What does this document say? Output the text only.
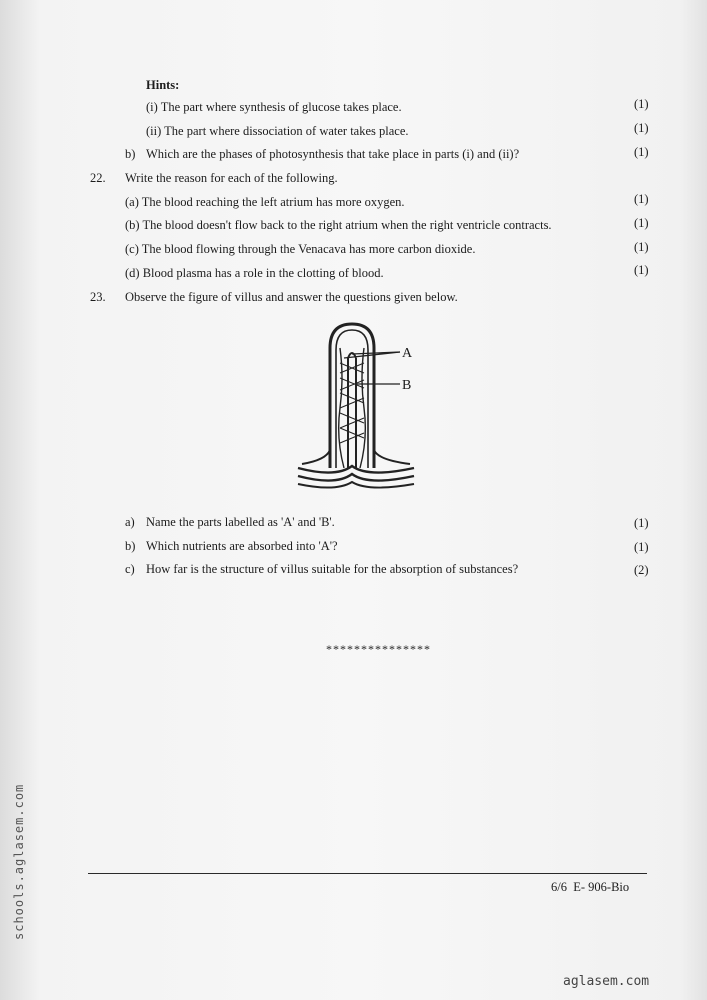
Hints:
(i) The part where synthesis of glucose takes place.	(1)
(ii) The part where dissociation of water takes place.	(1)
b) Which are the phases of photosynthesis that take place in parts (i) and (ii)?	(1)
22. Write the reason for each of the following.
(a) The blood reaching the left atrium has more oxygen.	(1)
(b) The blood doesn't flow back to the right atrium when the right ventricle contracts.	(1)
(c) The blood flowing through the Venacava has more carbon dioxide.	(1)
(d) Blood plasma has a role in the clotting of blood.	(1)
23. Observe the figure of villus and answer the questions given below.
A
B
a) Name the parts labelled as 'A' and 'B'.	(1)
b) Which nutrients are absorbed into 'A'?	(1)
c) How far is the structure of villus suitable for the absorption of substances?	(2)
***************
6/6 E- 906-Bio
schools.aglasem.com
aglasem.com
